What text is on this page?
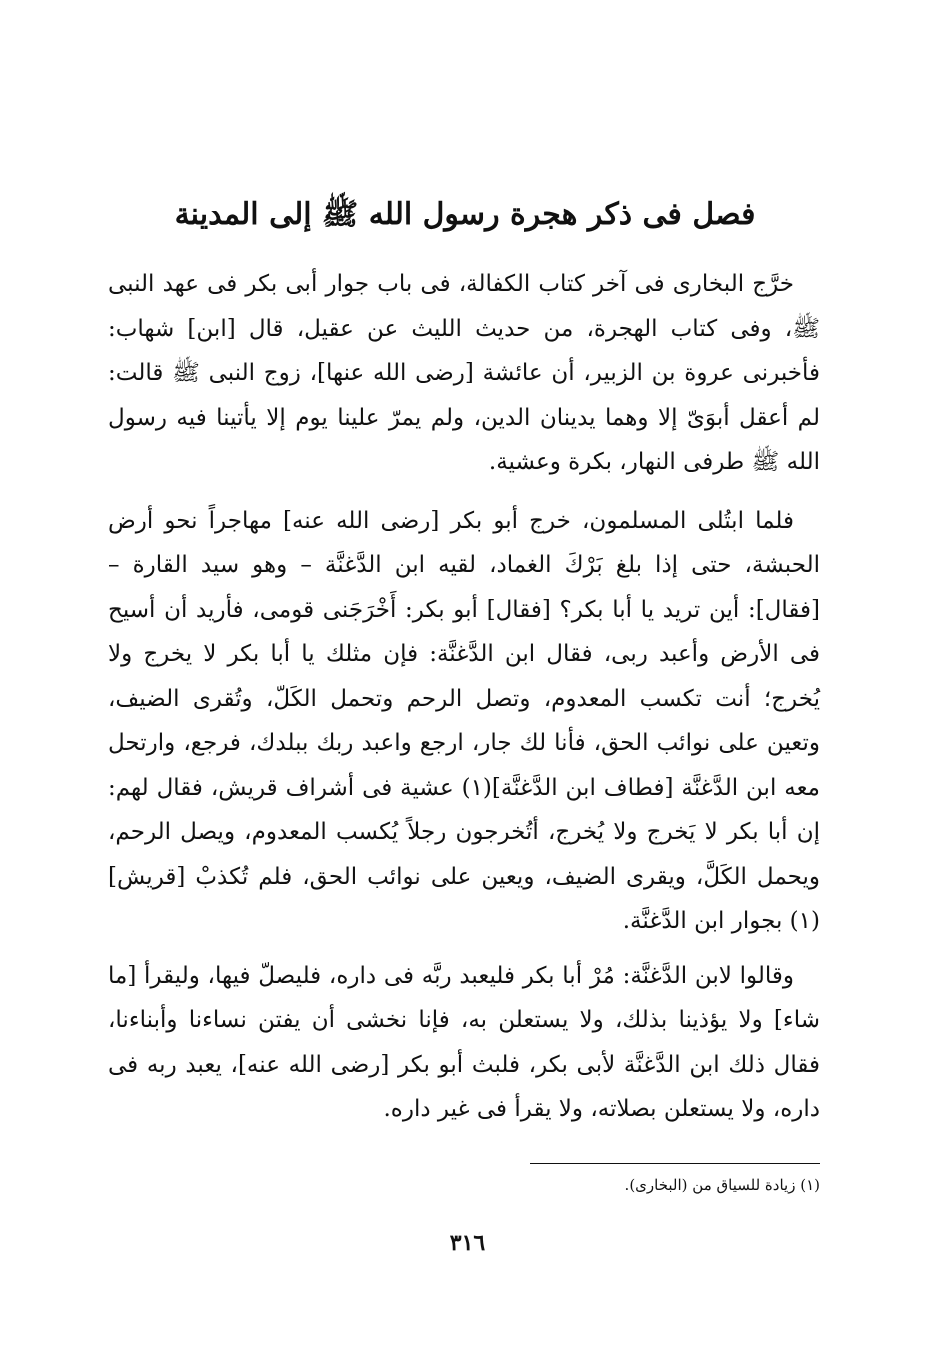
فصل فى ذكر هجرة رسول الله ﷺ إلى المدينة

خرَّج البخارى فى آخر كتاب الكفالة، فى باب جوار أبى بكر فى عهد النبى ﷺ، وفى كتاب الهجرة، من حديث الليث عن عقيل، قال [ابن] شهاب: فأخبرنى عروة بن الزبير، أن عائشة [رضى الله عنها]، زوج النبى ﷺ قالت: لم أعقل أبوَىّ إلا وهما يدينان الدين، ولم يمرّ علينا يوم إلا يأتينا فيه رسول الله ﷺ طرفى النهار، بكرة وعشية.

فلما ابتُلى المسلمون، خرج أبو بكر [رضى الله عنه] مهاجراً نحو أرض الحبشة، حتى إذا بلغ بَرْكَ الغماد، لقيه ابن الدَّغنَّة – وهو سيد القارة – [فقال]: أين تريد يا أبا بكر؟ [فقال] أبو بكر: أَخْرَجَنى قومى، فأريد أن أسيح فى الأرض وأعبد ربى، فقال ابن الدَّغنَّة: فإن مثلك يا أبا بكر لا يخرج ولا يُخرج؛ أنت تكسب المعدوم، وتصل الرحم وتحمل الكَلّ، وتُقرى الضيف، وتعين على نوائب الحق، فأنا لك جار، ارجع واعبد ربك ببلدك، فرجع، وارتحل معه ابن الدَّغنَّة [فطاف ابن الدَّغنَّة](١) عشية فى أشراف قريش، فقال لهم: إن أبا بكر لا يَخرج ولا يُخرج، أتُخرجون رجلاً يُكسب المعدوم، ويصل الرحم، ويحمل الكَلَّ، ويقرى الضيف، ويعين على نوائب الحق، فلم تُكذبْ [قريش](١) بجوار ابن الدَّغنَّة.

وقالوا لابن الدَّغنَّة: مُرْ أبا بكر فليعبد ربَّه فى داره، فليصلّ فيها، وليقرأ [ما شاء] ولا يؤذينا بذلك، ولا يستعلن به، فإنا نخشى أن يفتن نساءنا وأبناءنا، فقال ذلك ابن الدَّغنَّة لأبى بكر، فلبث أبو بكر [رضى الله عنه]، يعبد ربه فى داره، ولا يستعلن بصلاته، ولا يقرأ فى غير داره.

(١) زيادة للسياق من (البخارى).

٣١٦
